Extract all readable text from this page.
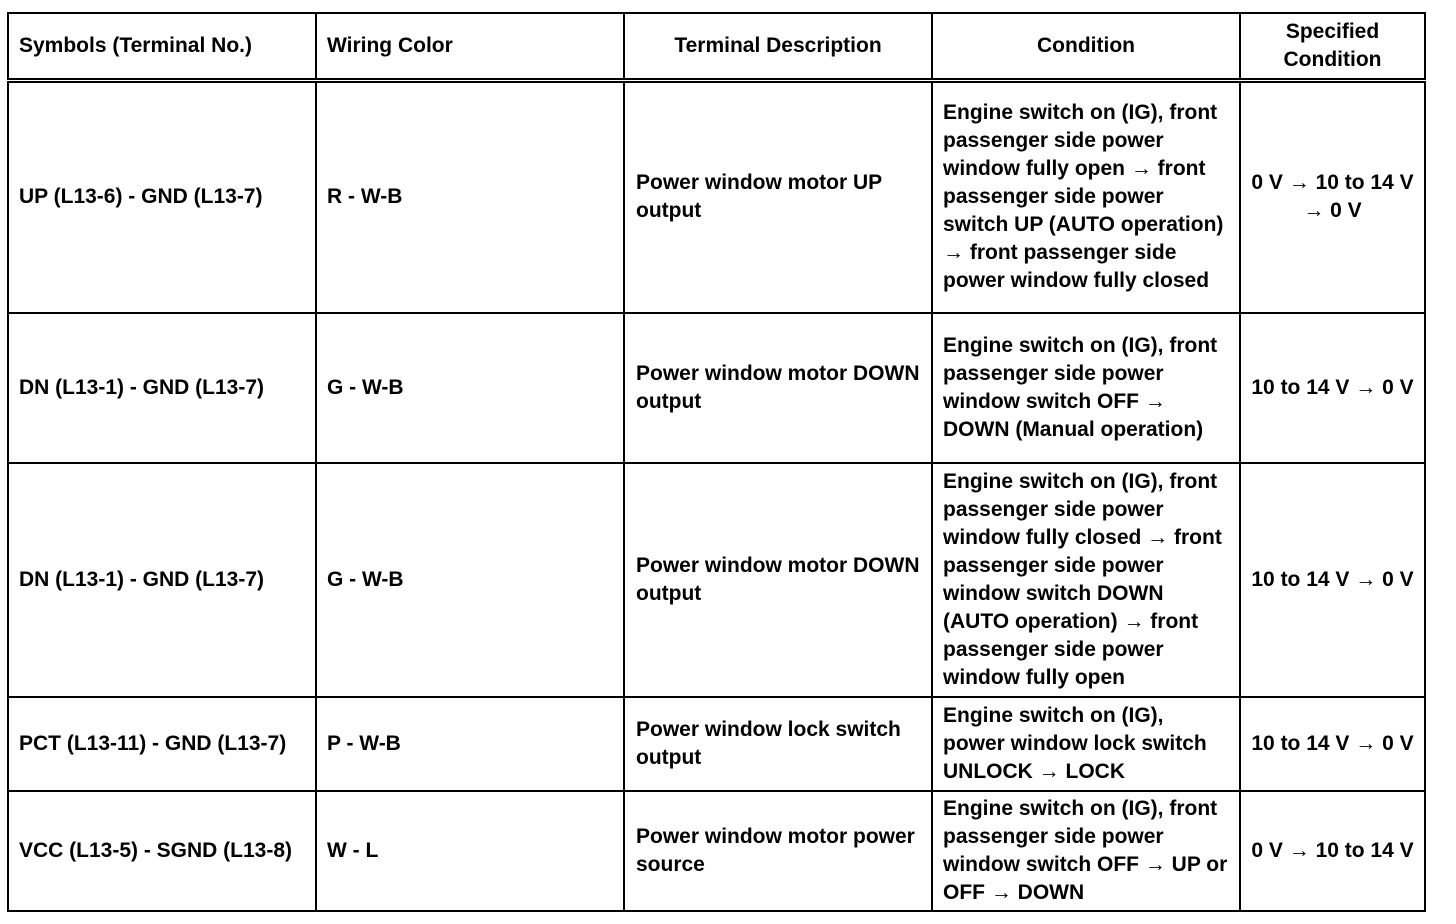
Symbols (Terminal No.)	Wiring Color	Terminal Description	Condition	Specified Condition
UP (L13-6) - GND (L13-7)	R - W-B	Power window motor UP output	Engine switch on (IG), front passenger side power window fully open → front passenger side power switch UP (AUTO operation) → front passenger side power window fully closed	0 V → 10 to 14 V → 0 V
DN (L13-1) - GND (L13-7)	G - W-B	Power window motor DOWN output	Engine switch on (IG), front passenger side power window switch OFF → DOWN (Manual operation)	10 to 14 V → 0 V
DN (L13-1) - GND (L13-7)	G - W-B	Power window motor DOWN output	Engine switch on (IG), front passenger side power window fully closed → front passenger side power window switch DOWN (AUTO operation) → front passenger side power window fully open	10 to 14 V → 0 V
PCT (L13-11) - GND (L13-7)	P - W-B	Power window lock switch output	Engine switch on (IG), power window lock switch UNLOCK → LOCK	10 to 14 V → 0 V
VCC (L13-5) - SGND (L13-8)	W - L	Power window motor power source	Engine switch on (IG), front passenger side power window switch OFF → UP or OFF → DOWN	0 V → 10 to 14 V
